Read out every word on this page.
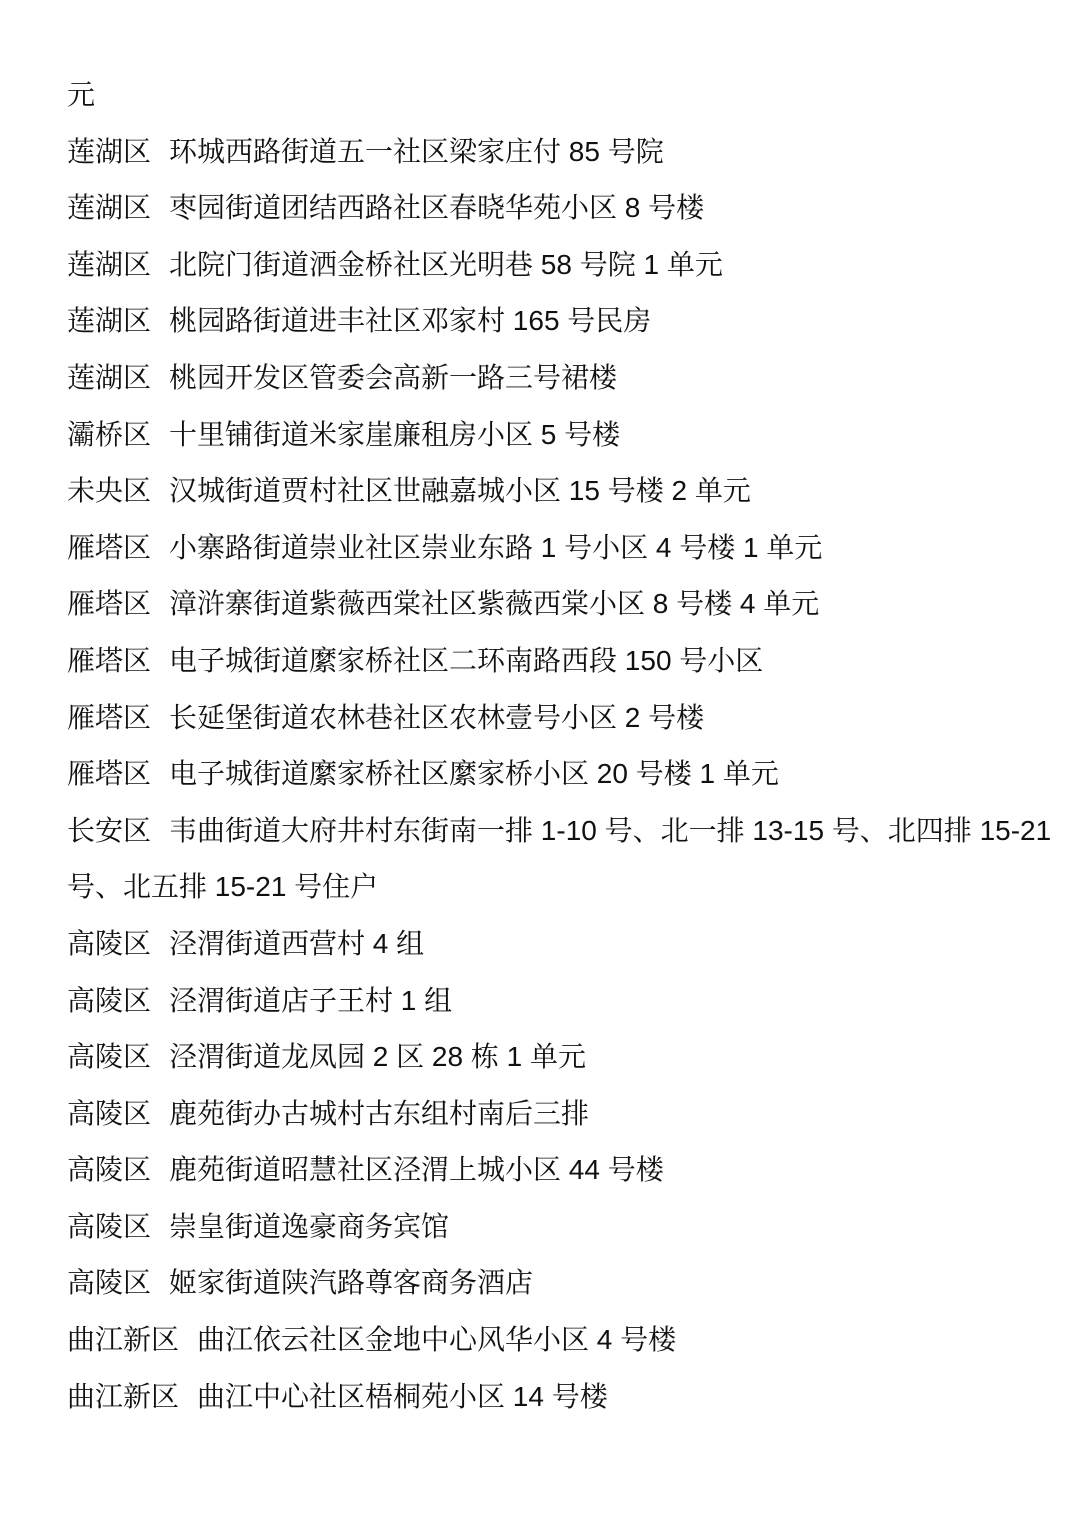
元
莲湖区 环城西路街道五一社区梁家庄付 85 号院
莲湖区 枣园街道团结西路社区春晓华苑小区 8 号楼
莲湖区 北院门街道洒金桥社区光明巷 58 号院 1 单元
莲湖区 桃园路街道进丰社区邓家村 165 号民房
莲湖区 桃园开发区管委会高新一路三号裙楼
灞桥区 十里铺街道米家崖廉租房小区 5 号楼
未央区 汉城街道贾村社区世融嘉城小区 15 号楼 2 单元
雁塔区 小寨路街道崇业社区崇业东路 1 号小区 4 号楼 1 单元
雁塔区 漳浒寨街道紫薇西棠社区紫薇西棠小区 8 号楼 4 单元
雁塔区 电子城街道縻家桥社区二环南路西段 150 号小区
雁塔区 长延堡街道农林巷社区农林壹号小区 2 号楼
雁塔区 电子城街道縻家桥社区縻家桥小区 20 号楼 1 单元
长安区 韦曲街道大府井村东街南一排 1-10 号、北一排 13-15 号、北四排 15-21
号、北五排 15-21 号住户
高陵区 泾渭街道西营村 4 组
高陵区 泾渭街道店子王村 1 组
高陵区 泾渭街道龙凤园 2 区 28 栋 1 单元
高陵区 鹿苑街办古城村古东组村南后三排
高陵区 鹿苑街道昭慧社区泾渭上城小区 44 号楼
高陵区 崇皇街道逸豪商务宾馆
高陵区 姬家街道陕汽路尊客商务酒店
曲江新区 曲江依云社区金地中心风华小区 4 号楼
曲江新区 曲江中心社区梧桐苑小区 14 号楼
